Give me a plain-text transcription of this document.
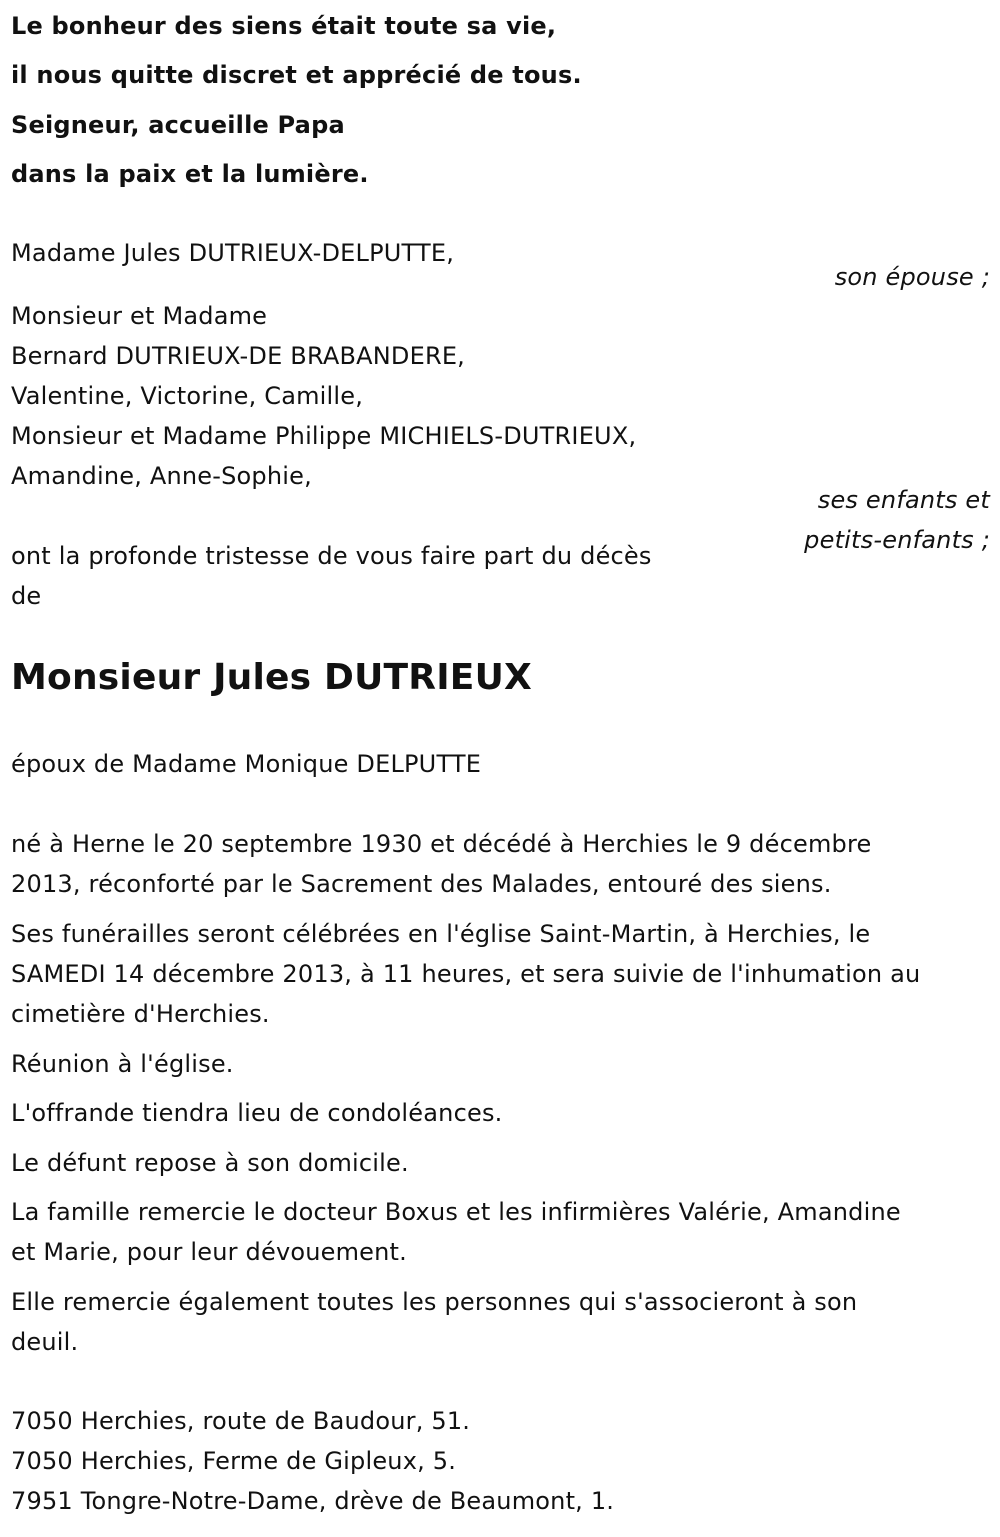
Le bonheur des siens était toute sa vie,
il nous quitte discret et apprécié de tous.
Seigneur, accueille Papa
dans la paix et la lumière.
Madame Jules DUTRIEUX-DELPUTTE,
son épouse ;
Monsieur et Madame
Bernard DUTRIEUX-DE BRABANDERE,
Valentine, Victorine, Camille,
Monsieur et Madame Philippe MICHIELS-DUTRIEUX,
Amandine, Anne-Sophie,
ses enfants et
petits-enfants ;
ont la profonde tristesse de vous faire part du décès
de
Monsieur Jules DUTRIEUX
époux de Madame Monique DELPUTTE
né à Herne le 20 septembre 1930 et décédé à Herchies le 9 décembre
2013, réconforté par le Sacrement des Malades, entouré des siens.
Ses funérailles seront célébrées en l'église Saint-Martin, à Herchies, le
SAMEDI 14 décembre 2013, à 11 heures, et sera suivie de l'inhumation au
cimetière d'Herchies.
Réunion à l'église.
L'offrande tiendra lieu de condoléances.
Le défunt repose à son domicile.
La famille remercie le docteur Boxus et les infirmières Valérie, Amandine
et Marie, pour leur dévouement.
Elle remercie également toutes les personnes qui s'associeront à son
deuil.
7050 Herchies, route de Baudour, 51.
7050 Herchies, Ferme de Gipleux, 5.
7951 Tongre-Notre-Dame, drève de Beaumont, 1.
